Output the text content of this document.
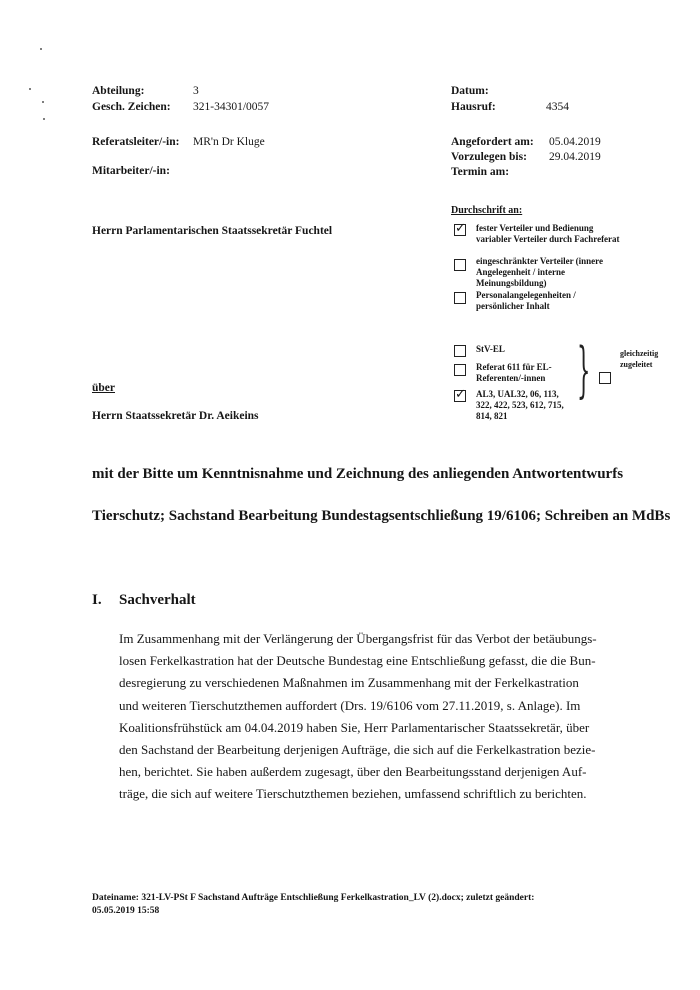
Abteilung:	3
Gesch. Zeichen: 321-34301/0057
Referatsleiter/-in: MR'n Dr Kluge
Mitarbeiter/-in:
Datum:
Hausruf:	4354
Angefordert am: 05.04.2019
Vorzulegen bis: 29.04.2019
Termin am:
Herrn Parlamentarischen Staatssekretär Fuchtel
Durchschrift an:
✓
fester Verteiler und Bedienung variabler Verteiler durch Fachreferat
eingeschränkter Verteiler (innere Angelegenheit / interne Meinungsbildung)
Personalangelegenheiten / persönlicher Inhalt
StV-EL
Referat 611 für EL-Referenten/-innen
✓
AL3, UAL32, 06, 113, 322, 422, 523, 612, 715, 814, 821
}	gleichzeitig zugeleitet
über
Herrn Staatssekretär Dr. Aeikeins
mit der Bitte um Kenntnisnahme und Zeichnung des anliegenden Antwortentwurfs
Tierschutz; Sachstand Bearbeitung Bundestagsentschließung 19/6106; Schreiben an MdBs
I. Sachverhalt
Im Zusammenhang mit der Verlängerung der Übergangsfrist für das Verbot der betäubungs-
losen Ferkelkastration hat der Deutsche Bundestag eine Entschließung gefasst, die die Bun-
desregierung zu verschiedenen Maßnahmen im Zusammenhang mit der Ferkelkastration
und weiteren Tierschutzthemen auffordert (Drs. 19/6106 vom 27.11.2019, s. Anlage). Im
Koalitionsfrühstück am 04.04.2019 haben Sie, Herr Parlamentarischer Staatssekretär, über
den Sachstand der Bearbeitung derjenigen Aufträge, die sich auf die Ferkelkastration bezie-
hen, berichtet. Sie haben außerdem zugesagt, über den Bearbeitungsstand derjenigen Auf-
träge, die sich auf weitere Tierschutzthemen beziehen, umfassend schriftlich zu berichten.
Dateiname: 321-LV-PSt F Sachstand Aufträge Entschließung Ferkelkastration_LV (2).docx; zuletzt geändert:
05.05.2019 15:58
